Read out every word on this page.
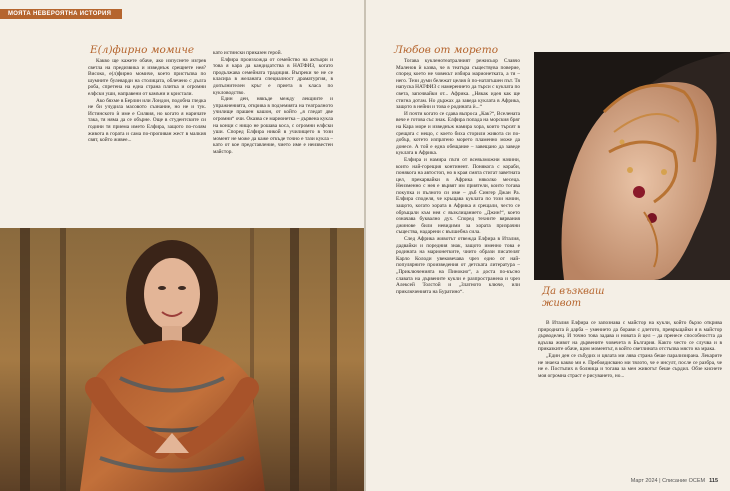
МОЯТА НЕВЕРОЯТНА ИСТОРИЯ
Е(л)фирно момиче

Какво ще кажете обаче, ако изпуснете изгрев светла на предизвика и изведнъж срещнете нея? Високо, е(л)фирно момиче, което пристъпва по шумните булеварди на столицата, облечено с дълга роба, спретена на една страна плитка и огромни елфски уши, направени от камъни и кристали.

Ако бяхме в Берлин или Лондон, подобна гледка не би учудила масовото съзнание, но не и тук. Истинското ѝ име е Силвия, но когато я наричате така, тя няма да се обърне. Още в студентските си години тя приема името Елфира, защото по-голям живота в гората и сама по-пропиван жест в малкия свят, който живее...

като истински приказен герой.

Елфира произхожда от семейство на актьори и това я кара да кандидатства в НАТФИЗ, когато продължава семейната традиция. Въпреки че не се класира в желаната специалност драматургия, в допълнителен кръг е приета в класа по кукловодство.

Един ден, някъде между лекциите и упражненията, открива в подземията на театралното училище прашен кашон, от който „я гледат две огромни“ очи. Оказва се марионетка – дървена кукла на конци с нищо не рошава коса, с огромни елфски уши. Според Елфира никой в училището в този момент не може да каже откъде точно е тази кукла – като от кое представление, чието име е неизвестен майстор.

Любов от морето

Тогава кукленотеатралният режисьор Славчо Маленов ѝ казва, че в театъра съществува поверие, според което не човекът избира марионетката, а тя – него. Тези думи бележат целия ѝ по-нататъшен път. Тя напуска НАТФИЗ с намерението да търси с куклата по света, започвайки от... Африка. „Някак идея как ще стигна дотам. Но държах да заведа куклата в Африка, защото в нейни и това е родината ѝ...“

И почти когато се сдава въпроса „Как?“, Вселената вече е готова със знак. Елфира попада на морския бряг на Кара море и изведнъж намира хора, които търсят в срещата с нещо, с което биха сторили живота си по-добър, котето изпратено морето пламенно може да донесе. А той е една обещание – завещано да заведе куклата в Африка.

Елфира и намира пътя от всевъзможни начини, които най-горещия континент. Понякога с кораби, понякога на автостоп, но в края смята стигат заветната цел, прекарвайки в Африка няколко месеца. Неизменно с нея е вървят им приятели, които тогава покупка и пълното си име – дъб Сингер Джан Ра. Елфира споделя, че кръщава куклата по този начин, защото, когато хората в Африка я срещали, често се обръщали към нея с възклицанието „Джин!“, което означава буквално дух. Според техните вярвания джинове били невидими за хората призрачни същества, надарени с вълшебна сила.

След Африка животът отвежда Елфира в Италия, дадвайки и поредния знак, защото именно това е родината на марионетките, чиито образи писателят Карло Колоди увековечава чрез едно от най-популярните произведения от детската литература – „Приключенията на Пинокио“, а доста по-късно славата на дървените кукли е разпространена и чрез Алексей Толстой и „Златното ключе, или приключенията на Буратино“.	Да възкваш живот

В Италия Елфира се запознава с майстор на кукли, който бързо открива природната ѝ дарба – умението да борави с длетото, превръщайки я в майстор дърводелец. И точно това задава и новата ѝ цел – да пренесе способността да вдъхва живот на дървените човечета в България. Както често се случва и в приказките обаче, щом моментът, в който светлината отстъпва място на мрака.

„Един ден се събудих и цялата ми лява страна беше парализирана. Лекарите не знаеха какво ми е. Пребоядисвано ми тялото, че е инсулт, после се разбра, че не е. Постъпих в болница и тогава за мен животът беше сърдил. Обзе киснете моя огромна страст е рисуването, но...

Март 2024 | Списание ОСЕМ 115
